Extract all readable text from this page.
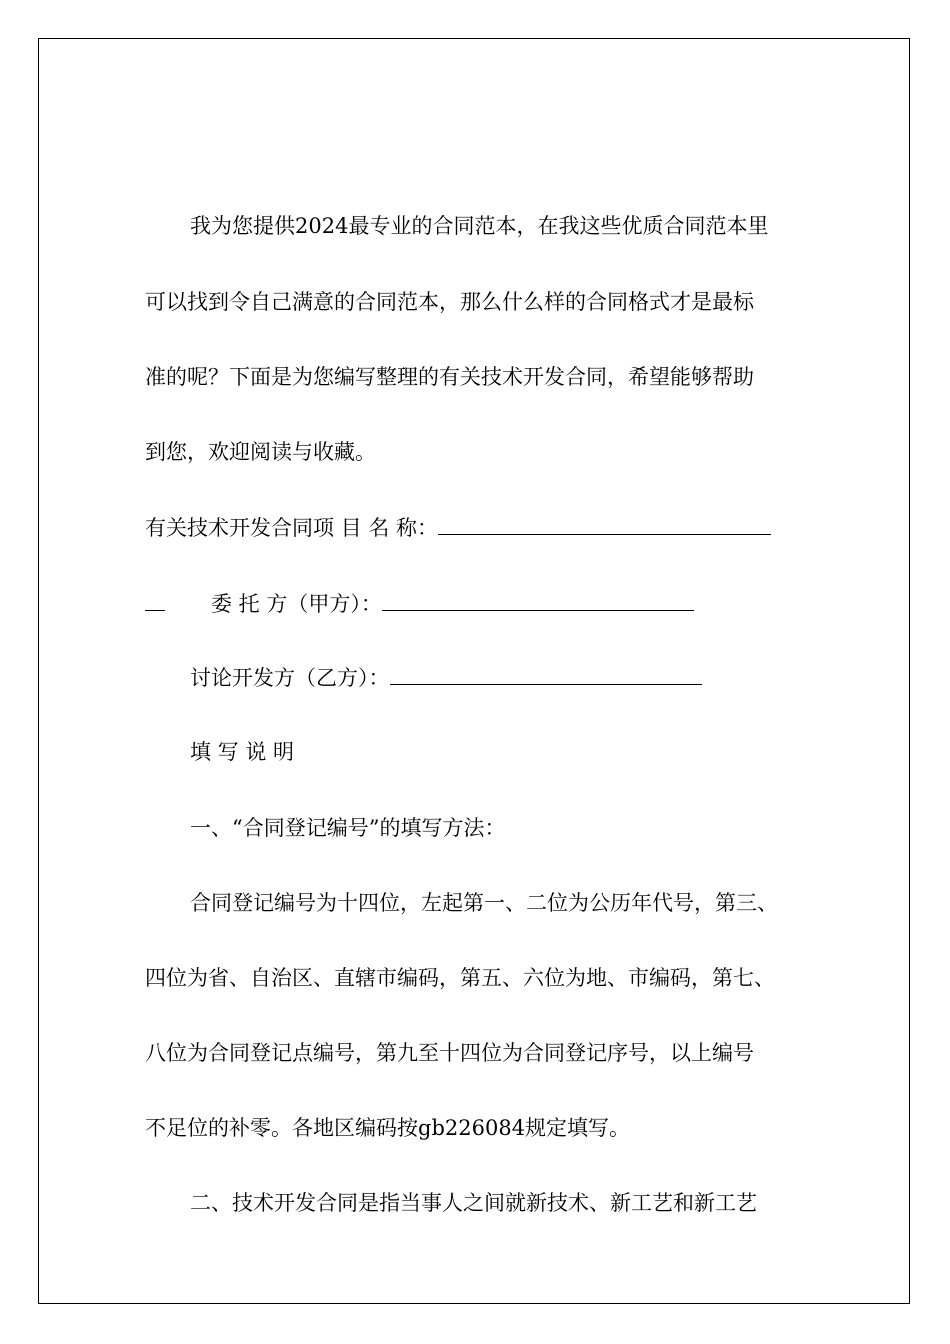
我为您提供2024最专业的合同范本，在我这些优质合同范本里
可以找到令自己满意的合同范本，那么什么样的合同格式才是最标
准的呢？下面是为您编写整理的有关技术开发合同，希望能够帮助
到您，欢迎阅读与收藏。
有关技术开发合同项 目 名 称：
委 托 方（甲方）：
讨论开发方（乙方）：
填 写 说 明
一、“合同登记编号”的填写方法：
合同登记编号为十四位，左起第一、二位为公历年代号，第三、
四位为省、自治区、直辖市编码，第五、六位为地、市编码，第七、
八位为合同登记点编号，第九至十四位为合同登记序号，以上编号
不足位的补零。各地区编码按gb226084规定填写。
二、技术开发合同是指当事人之间就新技术、新工艺和新工艺
